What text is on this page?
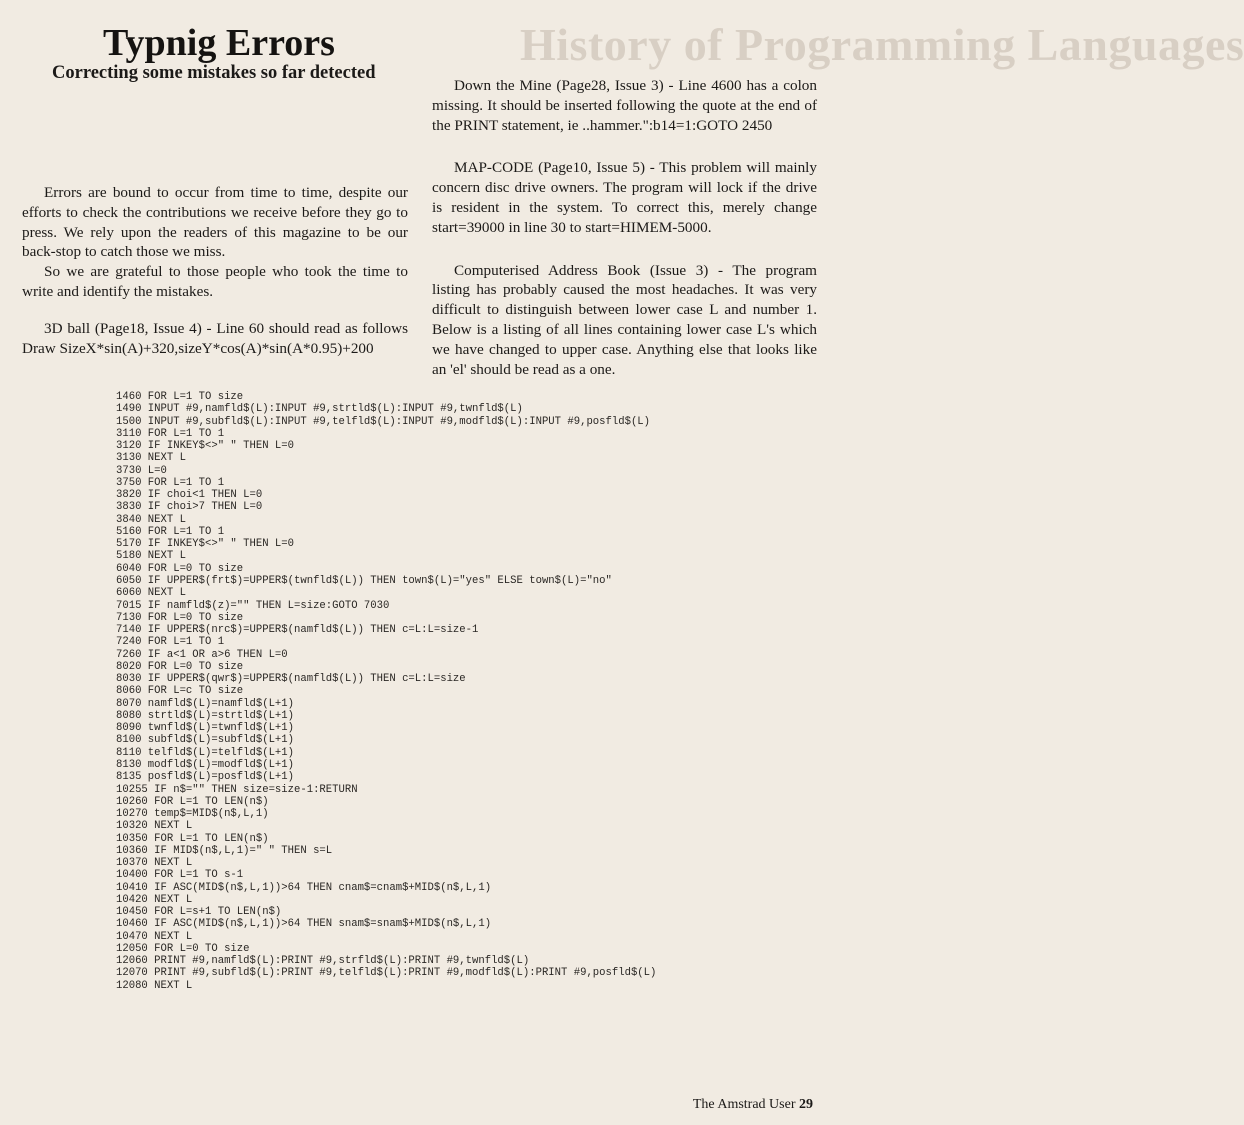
History of Programming Languages
Typnig Errors
Correcting some mistakes so far detected

Errors are bound to occur from time to time, despite our efforts to check the contributions we receive before they go to press. We rely upon the readers of this magazine to be our back-stop to catch those we miss.

So we are grateful to those people who took the time to write and identify the mistakes.

3D ball (Page18, Issue 4) - Line 60 should read as follows Draw SizeX*sin(A)+320,sizeY*cos(A)*sin(A*0.95)+200

Down the Mine (Page28, Issue 3) - Line 4600 has a colon missing. It should be inserted following the quote at the end of the PRINT statement, ie ..hammer.":b14=1:GOTO 2450

MAP-CODE (Page10, Issue 5) - This problem will mainly concern disc drive owners. The program will lock if the drive is resident in the system. To correct this, merely change start=39000 in line 30 to start=HIMEM-5000.

Computerised Address Book (Issue 3) - The program listing has probably caused the most headaches. It was very difficult to distinguish between lower case L and number 1. Below is a listing of all lines containing lower case L's which we have changed to upper case. Anything else that looks like an 'el' should be read as a one.

1460 FOR L=1 TO size
1490 INPUT #9,namfld$(L):INPUT #9,strtld$(L):INPUT #9,twnfld$(L)
1500 INPUT #9,subfld$(L):INPUT #9,telfld$(L):INPUT #9,modfld$(L):INPUT #9,posfld$(L)
3110 FOR L=1 TO 1
3120 IF INKEY$<>" " THEN L=0
3130 NEXT L
3730 L=0
3750 FOR L=1 TO 1
3820 IF choi<1 THEN L=0
3830 IF choi>7 THEN L=0
3840 NEXT L
5160 FOR L=1 TO 1
5170 IF INKEY$<>" " THEN L=0
5180 NEXT L
6040 FOR L=0 TO size
6050 IF UPPER$(frt$)=UPPER$(twnfld$(L)) THEN town$(L)="yes" ELSE town$(L)="no"
6060 NEXT L
7015 IF namfld$(z)="" THEN L=size:GOTO 7030
7130 FOR L=0 TO size
7140 IF UPPER$(nrc$)=UPPER$(namfld$(L)) THEN c=L:L=size-1
7240 FOR L=1 TO 1
7260 IF a<1 OR a>6 THEN L=0
8020 FOR L=0 TO size
8030 IF UPPER$(qwr$)=UPPER$(namfld$(L)) THEN c=L:L=size
8060 FOR L=c TO size
8070 namfld$(L)=namfld$(L+1)
8080 strtld$(L)=strtld$(L+1)
8090 twnfld$(L)=twnfld$(L+1)
8100 subfld$(L)=subfld$(L+1)
8110 telfld$(L)=telfld$(L+1)
8130 modfld$(L)=modfld$(L+1)
8135 posfld$(L)=posfld$(L+1)
10255 IF n$="" THEN size=size-1:RETURN
10260 FOR L=1 TO LEN(n$)
10270 temp$=MID$(n$,L,1)
10320 NEXT L
10350 FOR L=1 TO LEN(n$)
10360 IF MID$(n$,L,1)=" " THEN s=L
10370 NEXT L
10400 FOR L=1 TO s-1
10410 IF ASC(MID$(n$,L,1))>64 THEN cnam$=cnam$+MID$(n$,L,1)
10420 NEXT L
10450 FOR L=s+1 TO LEN(n$)
10460 IF ASC(MID$(n$,L,1))>64 THEN snam$=snam$+MID$(n$,L,1)
10470 NEXT L
12050 FOR L=0 TO size
12060 PRINT #9,namfld$(L):PRINT #9,strfld$(L):PRINT #9,twnfld$(L)
12070 PRINT #9,subfld$(L):PRINT #9,telfld$(L):PRINT #9,modfld$(L):PRINT #9,posfld$(L)
12080 NEXT L
The Amstrad User 29
